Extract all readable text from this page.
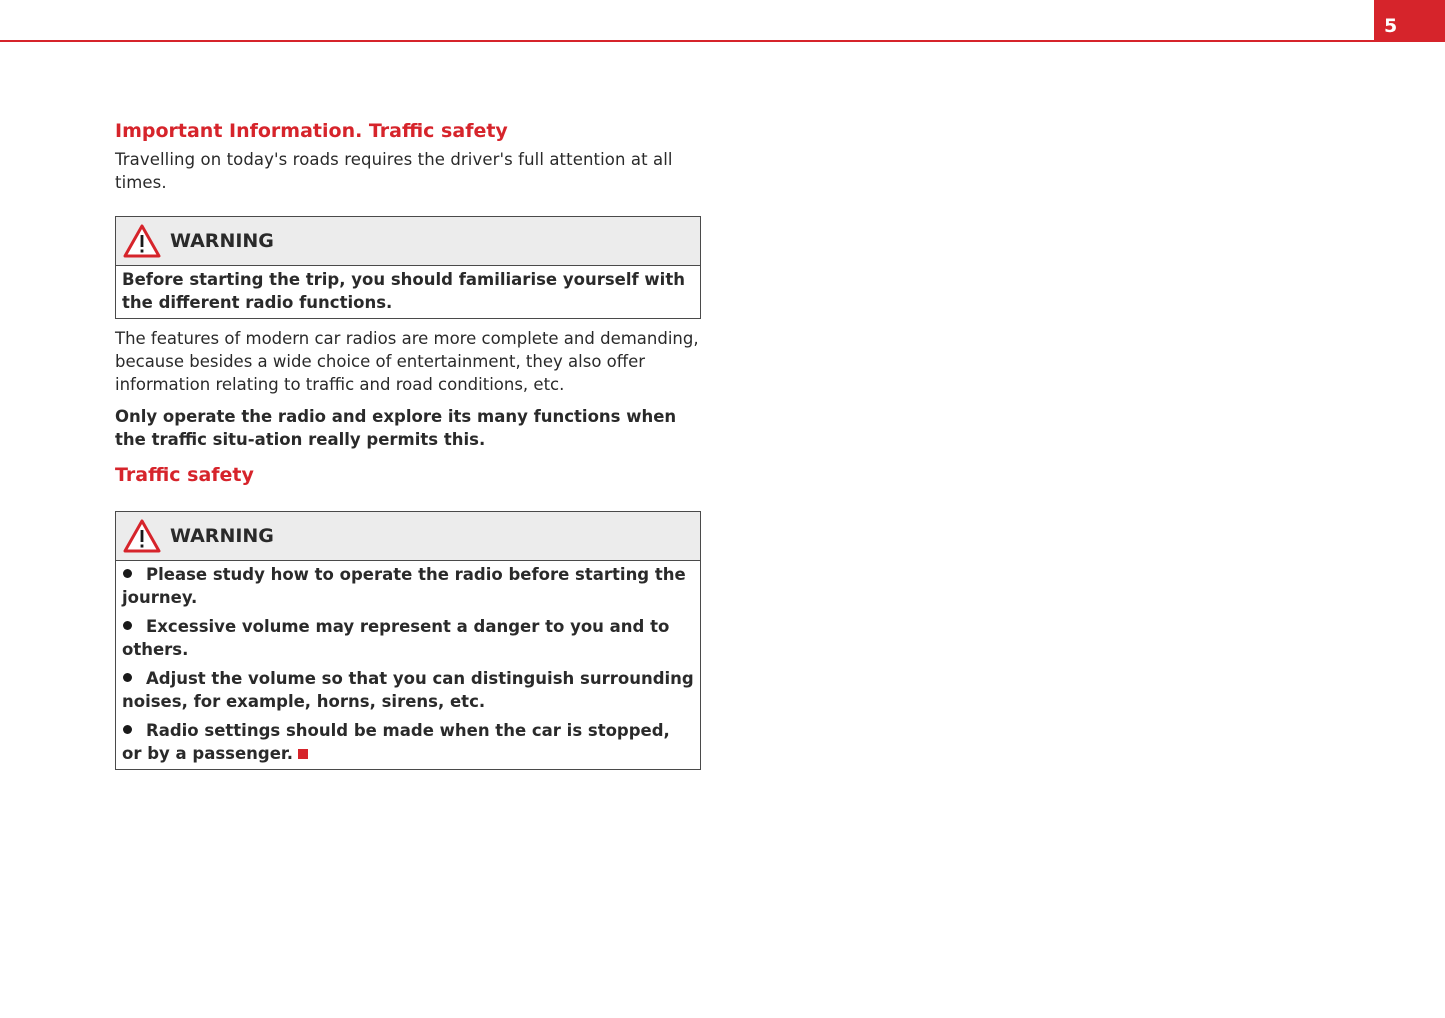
5
Important Information. Traffic safety

Travelling on today's roads requires the driver's full attention at all times.

WARNING
Before starting the trip, you should familiarise yourself with the different radio functions.

The features of modern car radios are more complete and demanding, because besides a wide choice of entertainment, they also offer information relating to traffic and road conditions, etc.

Only operate the radio and explore its many functions when the traffic situ-ation really permits this.

Traffic safety
WARNING

Please study how to operate the radio before starting the journey.

Excessive volume may represent a danger to you and to others.

Adjust the volume so that you can distinguish surrounding noises, for example, horns, sirens, etc.

Radio settings should be made when the car is stopped, or by a passenger.
